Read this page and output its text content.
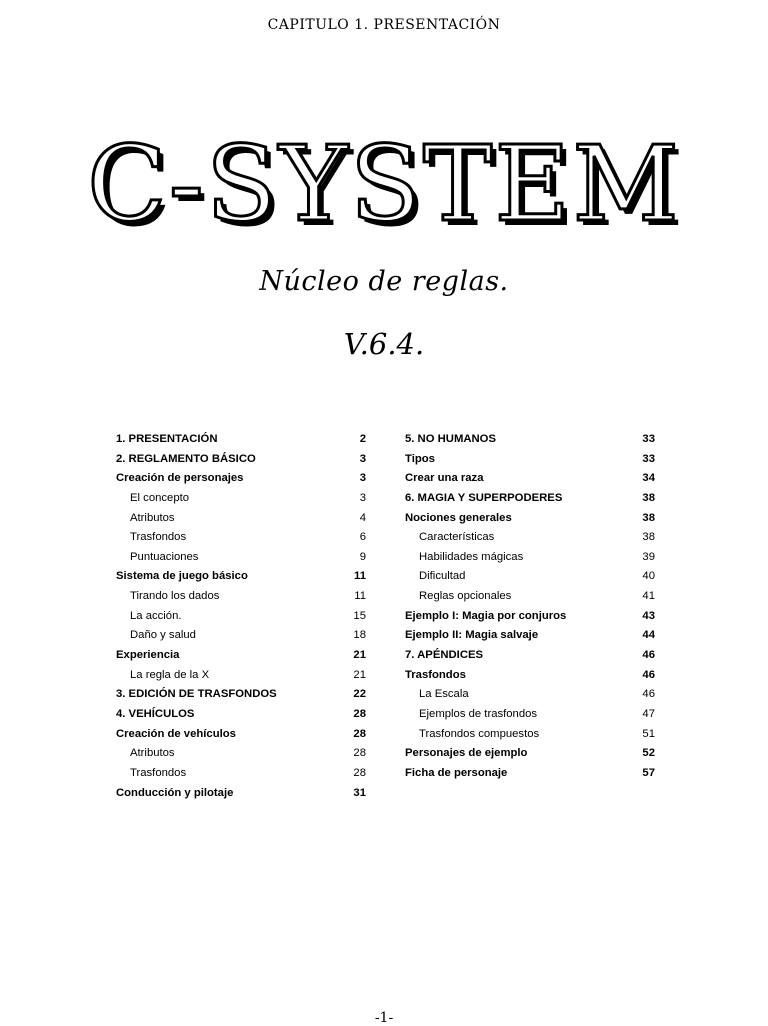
CAPITULO 1. PRESENTACIÓN
C-SYSTEM
Núcleo de reglas.
V.6.4.
1. PRESENTACIÓN	2
2. REGLAMENTO BÁSICO	3
Creación de personajes	3
El concepto	3
Atributos	4
Trasfondos	6
Puntuaciones	9
Sistema de juego básico	11
Tirando los dados	11
La acción.	15
Daño y salud	18
Experiencia	21
La regla de la X	21
3. EDICIÓN DE TRASFONDOS	22
4. VEHÍCULOS	28
Creación de vehículos	28
Atributos	28
Trasfondos	28
Conducción y pilotaje	31
5. NO HUMANOS	33
Tipos	33
Crear una raza	34
6. MAGIA Y SUPERPODERES	38
Nociones generales	38
Características	38
Habilidades mágicas	39
Dificultad	40
Reglas opcionales	41
Ejemplo I: Magia por conjuros	43
Ejemplo II: Magia salvaje	44
7. APÉNDICES	46
Trasfondos	46
La Escala	46
Ejemplos de trasfondos	47
Trasfondos compuestos	51
Personajes de ejemplo	52
Ficha de personaje	57
-1-
